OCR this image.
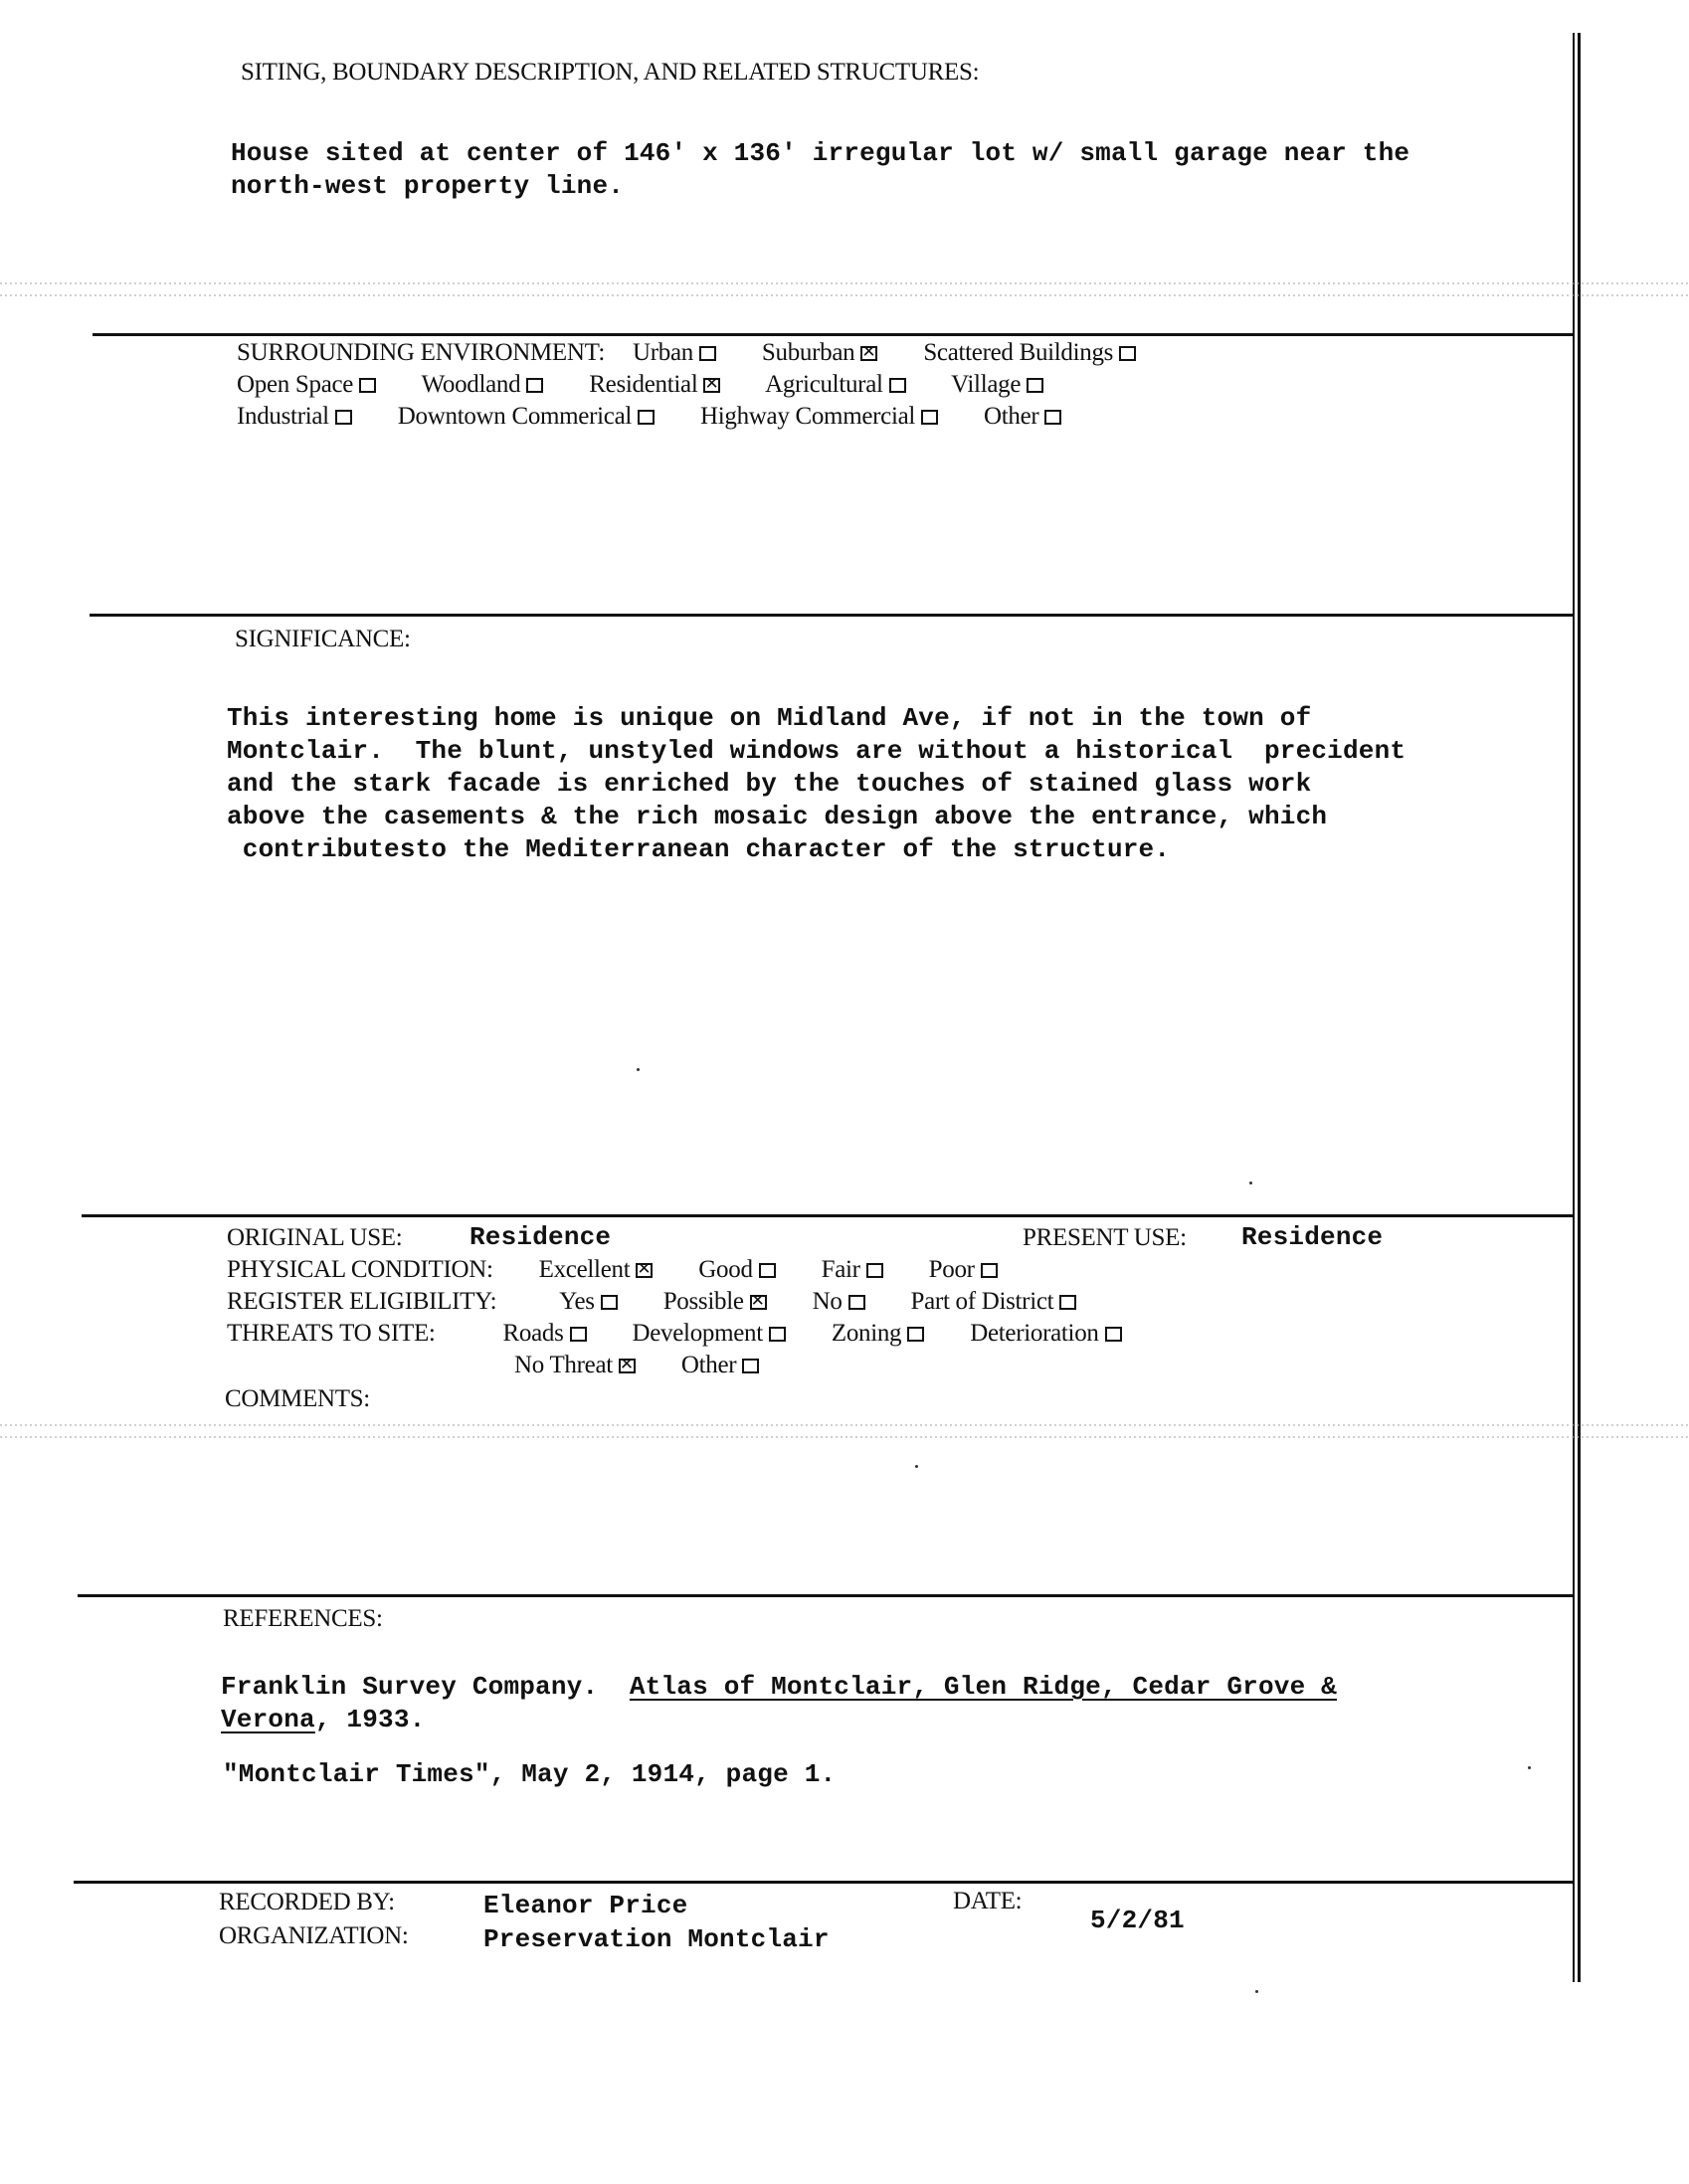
SITING, BOUNDARY DESCRIPTION, AND RELATED STRUCTURES:
House sited at center of 146' x 136' irregular lot w/ small garage near the
north-west property line.
SURROUNDING ENVIRONMENT: Urban	Suburban ✕	Scattered Buildings
Open Space	Woodland	Residential ✕	Agricultural	Village
Industrial	Downtown Commerical	Highway Commercial	Other
SIGNIFICANCE:
This interesting home is unique on Midland Ave, if not in the town of
Montclair.  The blunt, unstyled windows are without a historical  precident
and the stark facade is enriched by the touches of stained glass work
above the casements & the rich mosaic design above the entrance, which
contributesto the Mediterranean character of the structure.
ORIGINAL USE:	Residence	PRESENT USE: Residence
PHYSICAL CONDITION: Excellent ✕	Good	Fair	Poor
REGISTER ELIGIBILITY:	Yes	Possible ✕	No	Part of District
THREATS TO SITE:	Roads	Development	Zoning	Deterioration
No Threat ✕	Other
COMMENTS:
REFERENCES:
Franklin Survey Company.  Atlas of Montclair, Glen Ridge, Cedar Grove &
Verona, 1933.
"Montclair Times", May 2, 1914, page 1.
RECORDED BY:	Eleanor Price
ORGANIZATION:	Preservation Montclair
DATE:
5/2/81
